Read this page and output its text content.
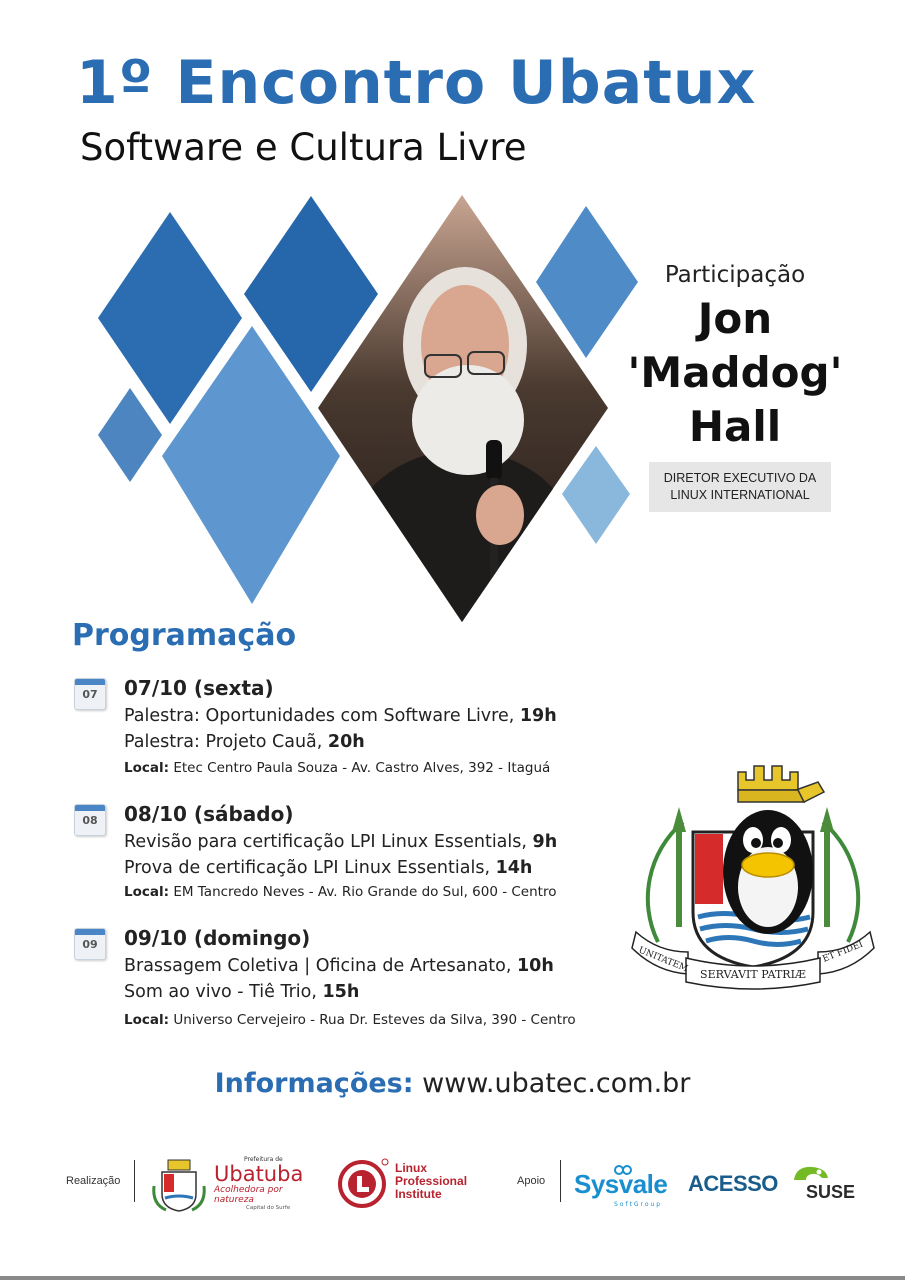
1º Encontro Ubatux
Software e Cultura Livre
Participação
Jon
'Maddog'
Hall
DIRETOR EXECUTIVO DA
LINUX INTERNATIONAL
Programação
07	07/10 (sexta)
Palestra: Oportunidades com Software Livre, 19h
Palestra: Projeto Cauã, 20h
Local: Etec Centro Paula Souza - Av. Castro Alves, 392 - Itaguá
08	08/10 (sábado)
Revisão para certificação LPI Linux Essentials, 9h
Prova de certificação LPI Linux Essentials, 14h
Local: EM Tancredo Neves - Av. Rio Grande do Sul, 600 - Centro
09	09/10 (domingo)
Brassagem Coletiva | Oficina de Artesanato, 10h
Som ao vivo - Tiê Trio, 15h
Local: Universo Cervejeiro - Rua Dr. Esteves da Silva, 390 - Centro
UNITATEM
SERVAVIT PATRIÆ
ET FIDEI
Informações: www.ubatec.com.br
Realização
Prefeitura de
Ubatuba
Acolhedora por natureza
Capital do Surfe
Linux
Professional
Institute
Apoio Sysvale
SoftGroup
ACESSO SUSE
